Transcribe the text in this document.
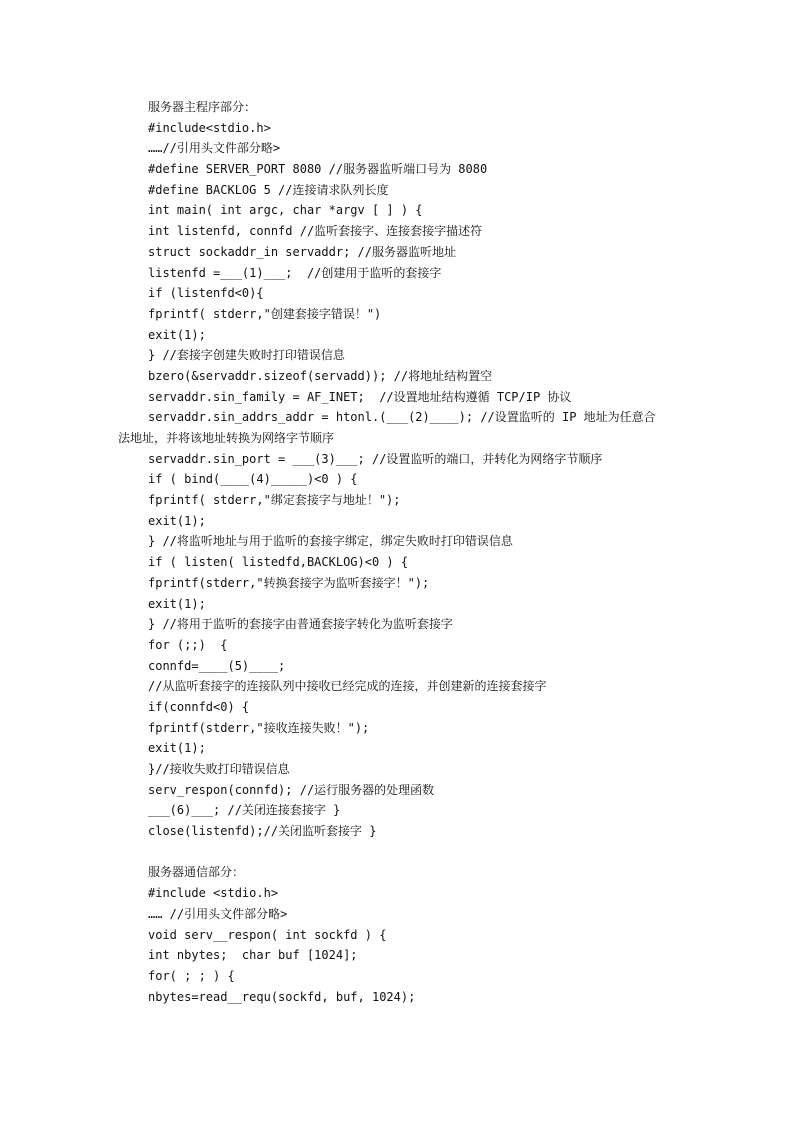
服务器主程序部分：
#include<stdio.h>
……//引用头文件部分略>
#define SERVER_PORT 8080 //服务器监听端口号为 8080
#define BACKLOG 5 //连接请求队列长度
int main( int argc, char *argv [ ] ) {
int listenfd, connfd //监听套接字、连接套接字描述符
struct sockaddr_in servaddr; //服务器监听地址
listenfd =___(1)___;  //创建用于监听的套接字
if (listenfd<0){
fprintf( stderr,"创建套接字错误！")
exit(1);
} //套接字创建失败时打印错误信息
bzero(&servaddr.sizeof(servadd)); //将地址结构置空
servaddr.sin_family = AF_INET;  //设置地址结构遵循 TCP/IP 协议
servaddr.sin_addrs_addr = htonl.(___(2)____); //设置监听的 IP 地址为任意合
法地址，并将该地址转换为网络字节顺序
servaddr.sin_port = ___(3)___; //设置监听的端口，并转化为网络字节顺序
if ( bind(____(4)_____)<0 ) {
fprintf( stderr,"绑定套接字与地址！");
exit(1);
} //将监听地址与用于监听的套接字绑定，绑定失败时打印错误信息
if ( listen( listedfd,BACKLOG)<0 ) {
fprintf(stderr,"转换套接字为监听套接字！");
exit(1);
} //将用于监听的套接字由普通套接字转化为监听套接字
for (;;)  {
connfd=____(5)____;
//从监听套接字的连接队列中接收已经完成的连接，并创建新的连接套接字
if(connfd<0) {
fprintf(stderr,"接收连接失败！");
exit(1);
}//接收失败打印错误信息
serv_respon(connfd); //运行服务器的处理函数
___(6)___; //关闭连接套接字 }
close(listenfd);//关闭监听套接字 }
服务器通信部分：
#include <stdio.h>
…… //引用头文件部分略>
void serv__respon( int sockfd ) {
int nbytes;  char buf [1024];
for( ; ; ) {
nbytes=read__requ(sockfd, buf, 1024);
